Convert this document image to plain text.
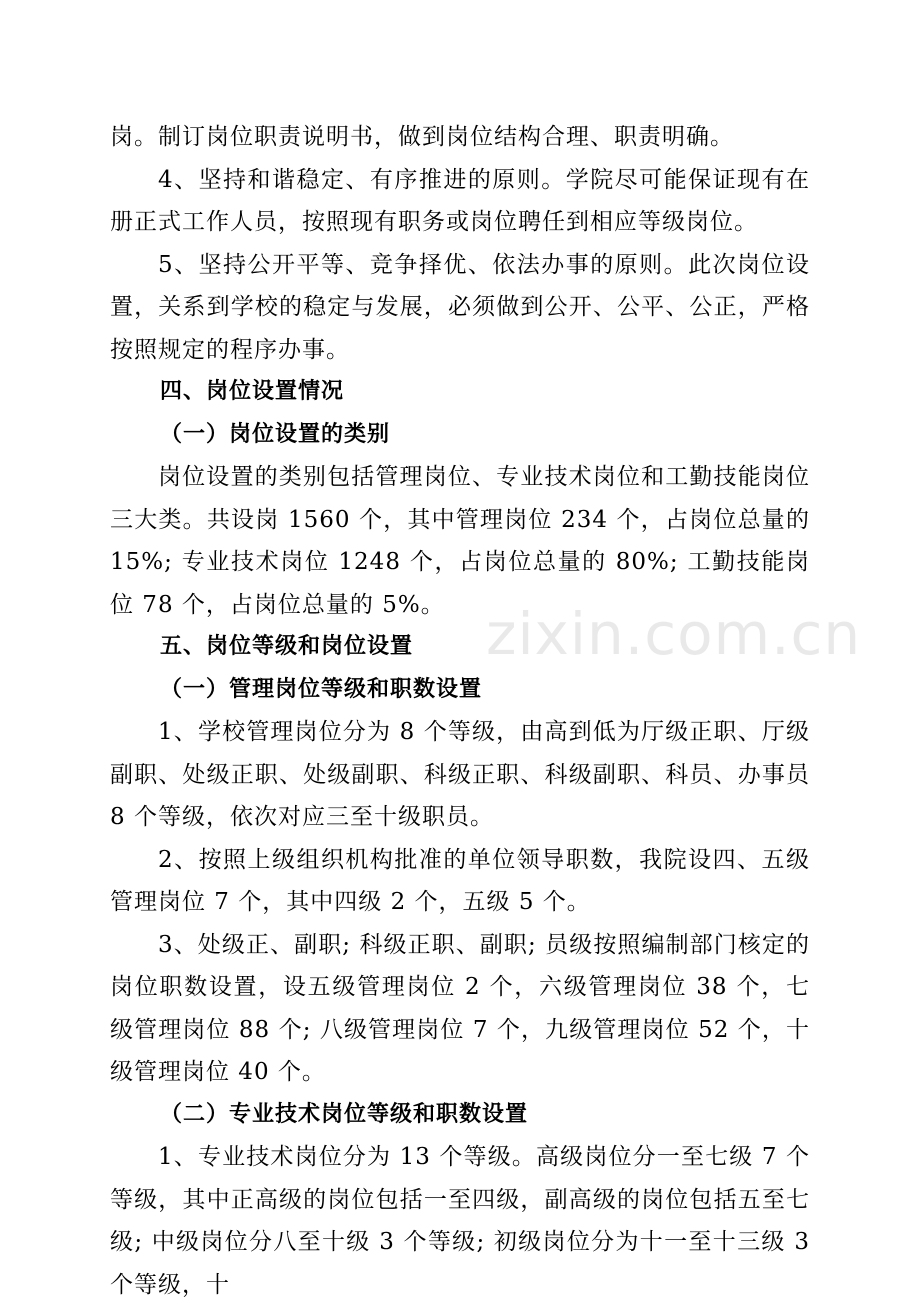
zixin.com.cn

岗。制订岗位职责说明书，做到岗位结构合理、职责明确。

4、坚持和谐稳定、有序推进的原则。学院尽可能保证现有在册正式工作人员，按照现有职务或岗位聘任到相应等级岗位。

5、坚持公开平等、竞争择优、依法办事的原则。此次岗位设置，关系到学校的稳定与发展，必须做到公开、公平、公正，严格按照规定的程序办事。

四、岗位设置情况

（一）岗位设置的类别

岗位设置的类别包括管理岗位、专业技术岗位和工勤技能岗位三大类。共设岗 1560 个，其中管理岗位 234 个，占岗位总量的 15%; 专业技术岗位 1248 个，占岗位总量的 80%; 工勤技能岗位 78 个，占岗位总量的 5%。

五、岗位等级和岗位设置

（一）管理岗位等级和职数设置

1、学校管理岗位分为 8 个等级，由高到低为厅级正职、厅级副职、处级正职、处级副职、科级正职、科级副职、科员、办事员 8 个等级，依次对应三至十级职员。

2、按照上级组织机构批准的单位领导职数，我院设四、五级管理岗位 7 个，其中四级 2 个，五级 5 个。

3、处级正、副职; 科级正职、副职; 员级按照编制部门核定的岗位职数设置，设五级管理岗位 2 个，六级管理岗位 38 个，七级管理岗位 88 个; 八级管理岗位 7 个，九级管理岗位 52 个，十级管理岗位 40 个。

（二）专业技术岗位等级和职数设置

1、专业技术岗位分为 13 个等级。高级岗位分一至七级 7 个等级，其中正高级的岗位包括一至四级，副高级的岗位包括五至七级; 中级岗位分八至十级 3 个等级; 初级岗位分为十一至十三级 3 个等级，十
